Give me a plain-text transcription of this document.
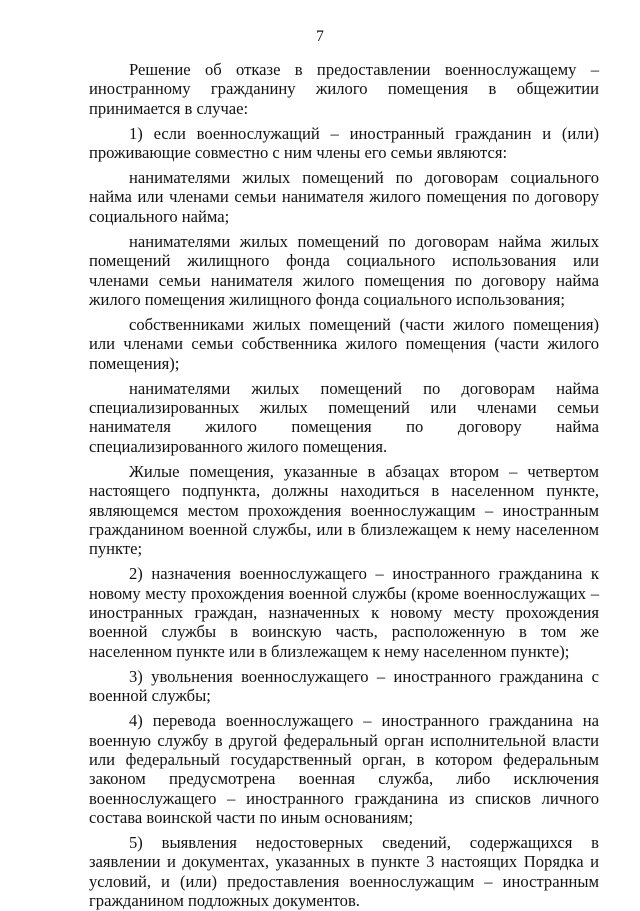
7

Решение об отказе в предоставлении военнослужащему – иностранному гражданину жилого помещения в общежитии принимается в случае:

1) если военнослужащий – иностранный гражданин и (или) проживающие совместно с ним члены его семьи являются:

нанимателями жилых помещений по договорам социального найма или членами семьи нанимателя жилого помещения по договору социального найма;

нанимателями жилых помещений по договорам найма жилых помещений жилищного фонда социального использования или членами семьи нанимателя жилого помещения по договору найма жилого помещения жилищного фонда социального использования;

собственниками жилых помещений (части жилого помещения) или членами семьи собственника жилого помещения (части жилого помещения);

нанимателями жилых помещений по договорам найма специализированных жилых помещений или членами семьи нанимателя жилого помещения по договору найма специализированного жилого помещения.

Жилые помещения, указанные в абзацах втором – четвертом настоящего подпункта, должны находиться в населенном пункте, являющемся местом прохождения военнослужащим – иностранным гражданином военной службы, или в близлежащем к нему населенном пункте;

2) назначения военнослужащего – иностранного гражданина к новому месту прохождения военной службы (кроме военнослужащих – иностранных граждан, назначенных к новому месту прохождения военной службы в воинскую часть, расположенную в том же населенном пункте или в близлежащем к нему населенном пункте);

3) увольнения военнослужащего – иностранного гражданина с военной службы;

4) перевода военнослужащего – иностранного гражданина на военную службу в другой федеральный орган исполнительной власти или федеральный государственный орган, в котором федеральным законом предусмотрена военная служба, либо исключения военнослужащего – иностранного гражданина из списков личного состава воинской части по иным основаниям;

5) выявления недостоверных сведений, содержащихся в заявлении и документах, указанных в пункте 3 настоящих Порядка и условий, и (или) предоставления военнослужащим – иностранным гражданином подложных документов.
